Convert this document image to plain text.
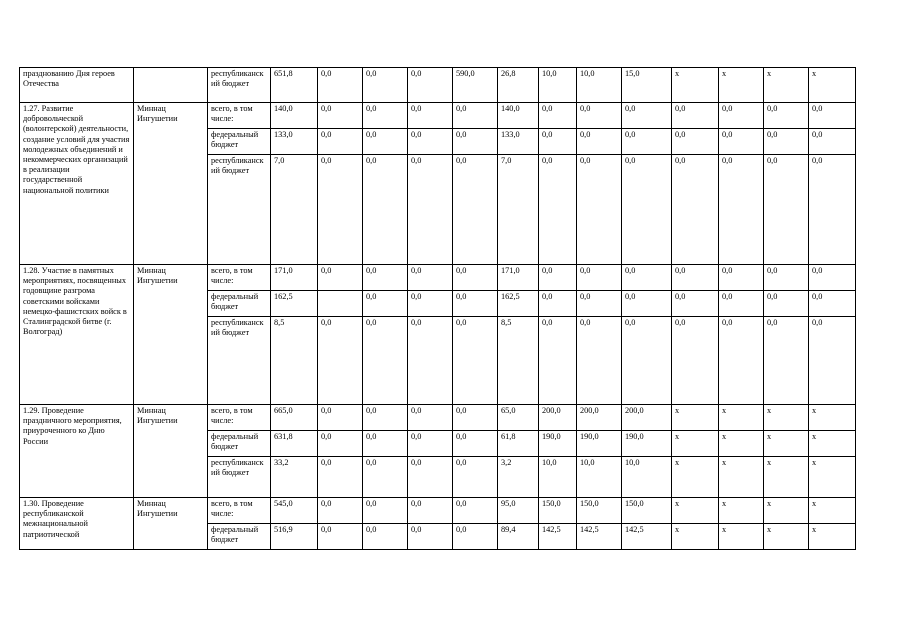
празднованию Дня героев Отечества		республиканский бюджет	651,8	0,0	0,0	0,0	590,0	26,8	10,0	10,0	15,0	х	х	х	х
1.27. Развитие добровольческой (волонтерской) деятельности, создание условий для участия молодежных объединений и некоммерческих организаций в реализации государственной национальной политики	Миннац Ингушетии	всего, в том числе:	140,0	0,0	0,0	0,0	0,0	140,0	0,0	0,0	0,0	0,0	0,0	0,0	0,0
		федеральный бюджет	133,0	0,0	0,0	0,0	0,0	133,0	0,0	0,0	0,0	0,0	0,0	0,0	0,0
		республиканский бюджет	7,0	0,0	0,0	0,0	0,0	7,0	0,0	0,0	0,0	0,0	0,0	0,0	0,0
1.28. Участие в памятных мероприятиях, посвященных годовщине разгрома советскими войсками немецко-фашистских войск в Сталинградской битве (г. Волгоград)	Миннац Ингушетии	всего, в том числе:	171,0	0,0	0,0	0,0	0,0	171,0	0,0	0,0	0,0	0,0	0,0	0,0	0,0
		федеральный бюджет	162,5		0,0	0,0	0,0	162,5	0,0	0,0	0,0	0,0	0,0	0,0	0,0
		республиканский бюджет	8,5	0,0	0,0	0,0	0,0	8,5	0,0	0,0	0,0	0,0	0,0	0,0	0,0
1.29. Проведение праздничного мероприятия, приуроченного ко Дню России	Миннац Ингушетии	всего, в том числе:	665,0	0,0	0,0	0,0	0,0	65,0	200,0	200,0	200,0	х	х	х	х
		федеральный бюджет	631,8	0,0	0,0	0,0	0,0	61,8	190,0	190,0	190,0	х	х	х	х
		республиканский бюджет	33,2	0,0	0,0	0,0	0,0	3,2	10,0	10,0	10,0	х	х	х	х
1.30. Проведение республиканской межнациональной патриотической	Миннац Ингушетии	всего, в том числе:	545,0	0,0	0,0	0,0	0,0	95,0	150,0	150,0	150,0	х	х	х	х
		федеральный бюджет	516,9	0,0	0,0	0,0	0,0	89,4	142,5	142,5	142,5	х	х	х	х
